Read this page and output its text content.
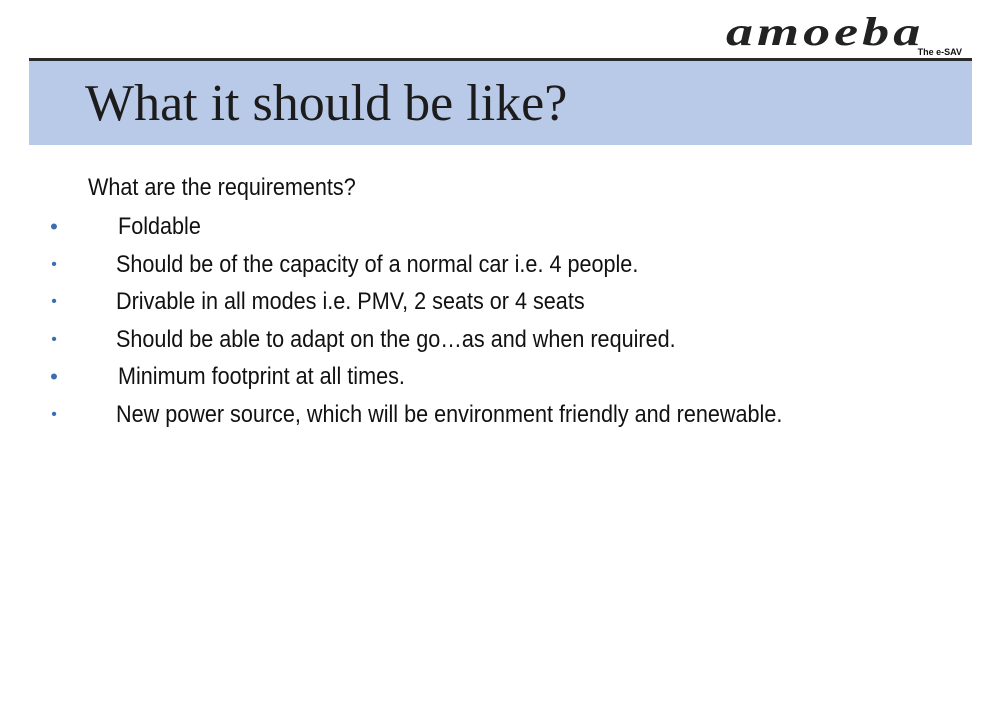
amoeba
The e-SAV
What it should be like?

What are the requirements?

•	Foldable
• Should be of the capacity of a normal car i.e. 4 people.
• Drivable in all modes i.e. PMV, 2 seats or 4 seats
• Should be able to adapt on the go…as and when required.
•	Minimum footprint at all times.
• New power source, which will be environment friendly and renewable.
